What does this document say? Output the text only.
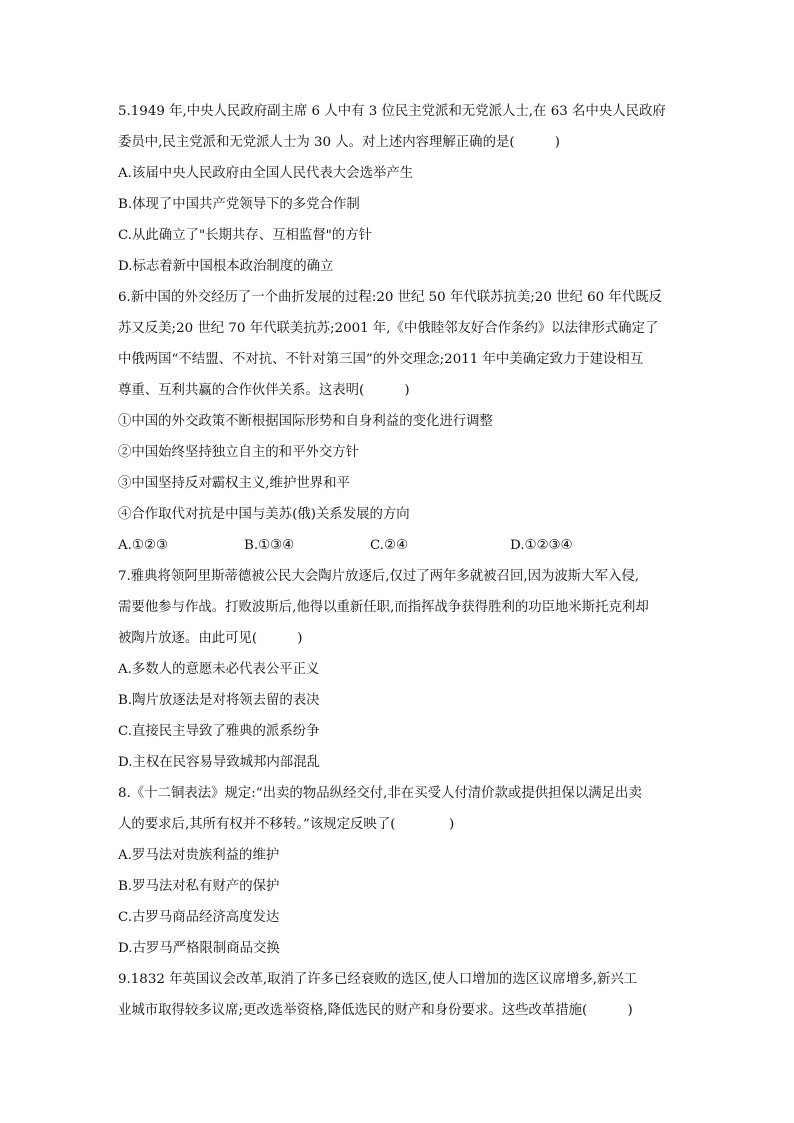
5.1949 年,中央人民政府副主席 6 人中有 3 位民主党派和无党派人士,在 63 名中央人民政府
委员中,民主党派和无党派人士为 30 人。对上述内容理解正确的是(　　　)
A.该届中央人民政府由全国人民代表大会选举产生
B.体现了中国共产党领导下的多党合作制
C.从此确立了"长期共存、互相监督"的方针
D.标志着新中国根本政治制度的确立
6.新中国的外交经历了一个曲折发展的过程:20 世纪 50 年代联苏抗美;20 世纪 60 年代既反
苏又反美;20 世纪 70 年代联美抗苏;2001 年,《中俄睦邻友好合作条约》以法律形式确定了
中俄两国“不结盟、不对抗、不针对第三国”的外交理念;2011 年中美确定致力于建设相互
尊重、互利共赢的合作伙伴关系。这表明(　　　)
①中国的外交政策不断根据国际形势和自身利益的变化进行调整
②中国始终坚持独立自主的和平外交方针
③中国坚持反对霸权主义,维护世界和平
④合作取代对抗是中国与美苏(俄)关系发展的方向
A.①②③	B.①③④	C.②④	D.①②③④
7.雅典将领阿里斯蒂德被公民大会陶片放逐后,仅过了两年多就被召回,因为波斯大军入侵,
需要他参与作战。打败波斯后,他得以重新任职,而指挥战争获得胜利的功臣地米斯托克利却
被陶片放逐。由此可见(　　　)
A.多数人的意愿未必代表公平正义
B.陶片放逐法是对将领去留的表决
C.直接民主导致了雅典的派系纷争
D.主权在民容易导致城邦内部混乱
8.《十二铜表法》规定:“出卖的物品纵经交付,非在买受人付清价款或提供担保以满足出卖
人的要求后,其所有权并不移转。”该规定反映了(　　　　)
A.罗马法对贵族利益的维护
B.罗马法对私有财产的保护
C.古罗马商品经济高度发达
D.古罗马严格限制商品交换
9.1832 年英国议会改革,取消了许多已经衰败的选区,使人口增加的选区议席增多,新兴工
业城市取得较多议席;更改选举资格,降低选民的财产和身份要求。这些改革措施(　　　)
